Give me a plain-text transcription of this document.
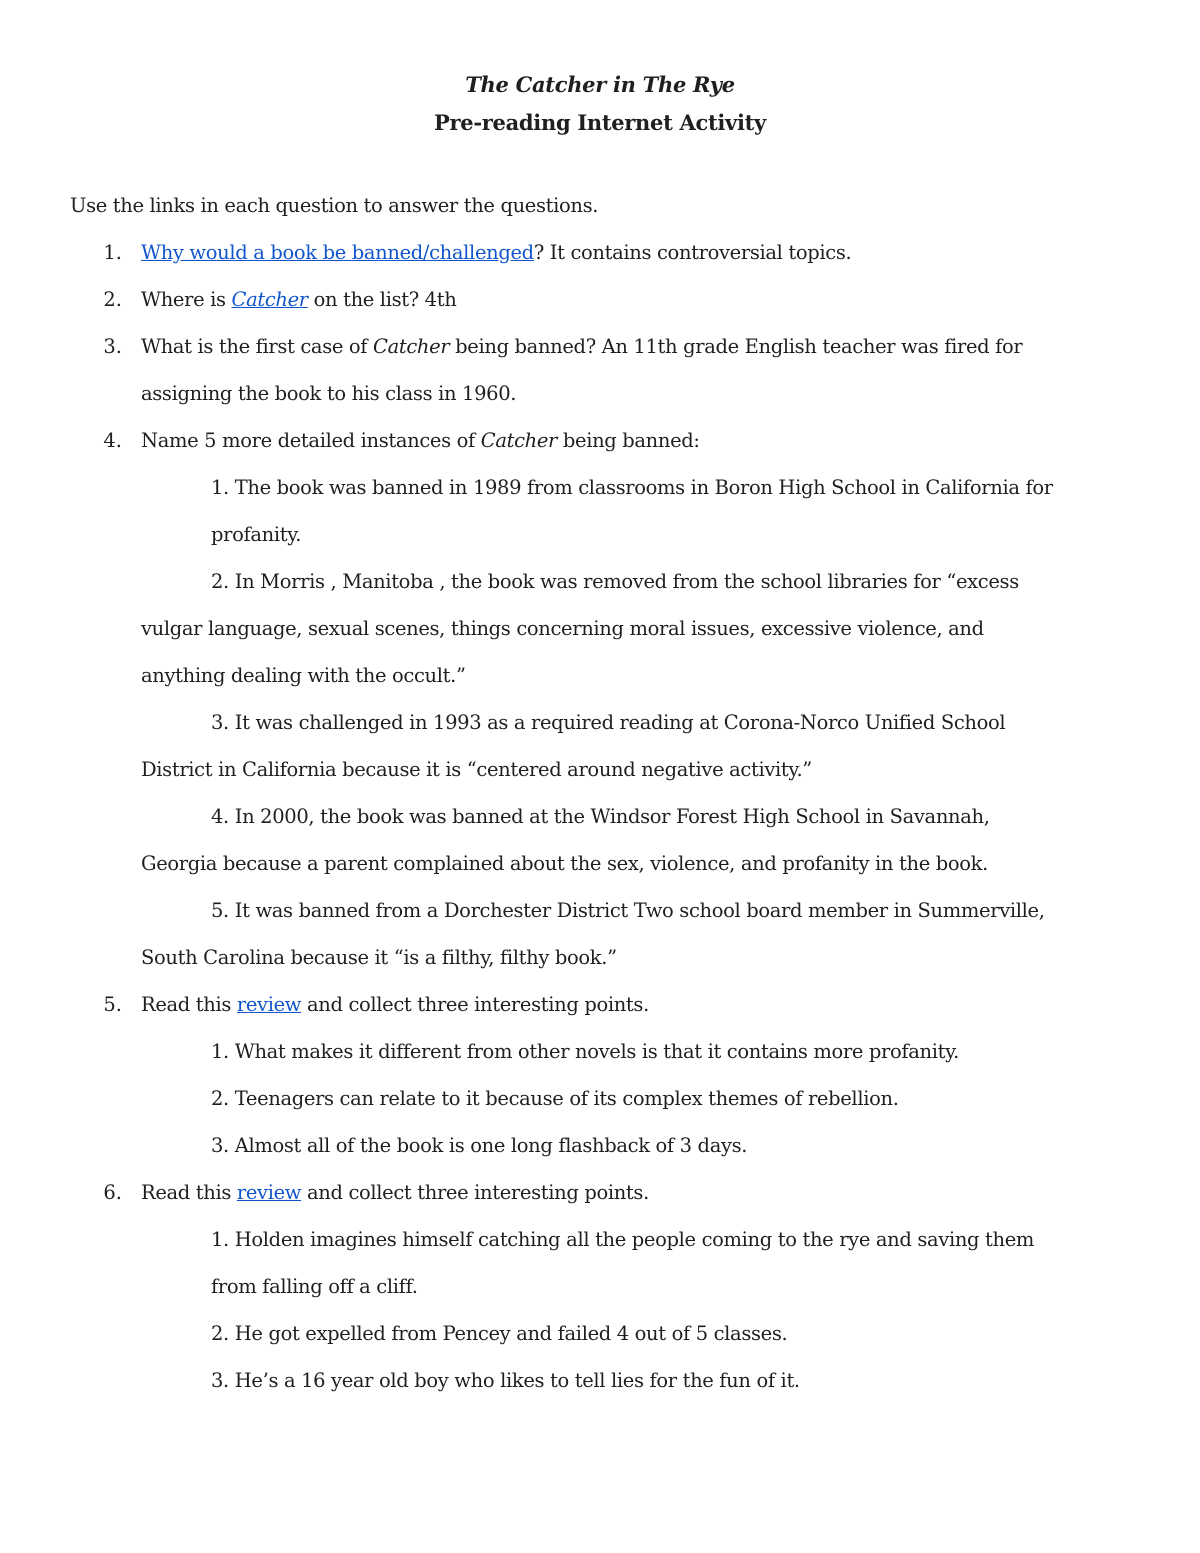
The Catcher in The Rye
Pre-reading Internet Activity
Use the links in each question to answer the questions.
1. Why would a book be banned/challenged? It contains controversial topics.
2. Where is Catcher on the list? 4th
3. What is the first case of Catcher being banned? An 11th grade English teacher was fired for
assigning the book to his class in 1960.
4. Name 5 more detailed instances of Catcher being banned:
1. The book was banned in 1989 from classrooms in Boron High School in California for
profanity.
2. In Morris , Manitoba , the book was removed from the school libraries for “excess
vulgar language, sexual scenes, things concerning moral issues, excessive violence, and
anything dealing with the occult.”
3. It was challenged in 1993 as a required reading at Corona-Norco Unified School
District in California because it is “centered around negative activity.”
4. In 2000, the book was banned at the Windsor Forest High School in Savannah,
Georgia because a parent complained about the sex, violence, and profanity in the book.
5. It was banned from a Dorchester District Two school board member in Summerville,
South Carolina because it “is a filthy, filthy book.”
5. Read this review and collect three interesting points.
1. What makes it different from other novels is that it contains more profanity.
2. Teenagers can relate to it because of its complex themes of rebellion.
3. Almost all of the book is one long flashback of 3 days.
6. Read this review and collect three interesting points.
1. Holden imagines himself catching all the people coming to the rye and saving them
from falling off a cliff.
2. He got expelled from Pencey and failed 4 out of 5 classes.
3. He’s a 16 year old boy who likes to tell lies for the fun of it.
